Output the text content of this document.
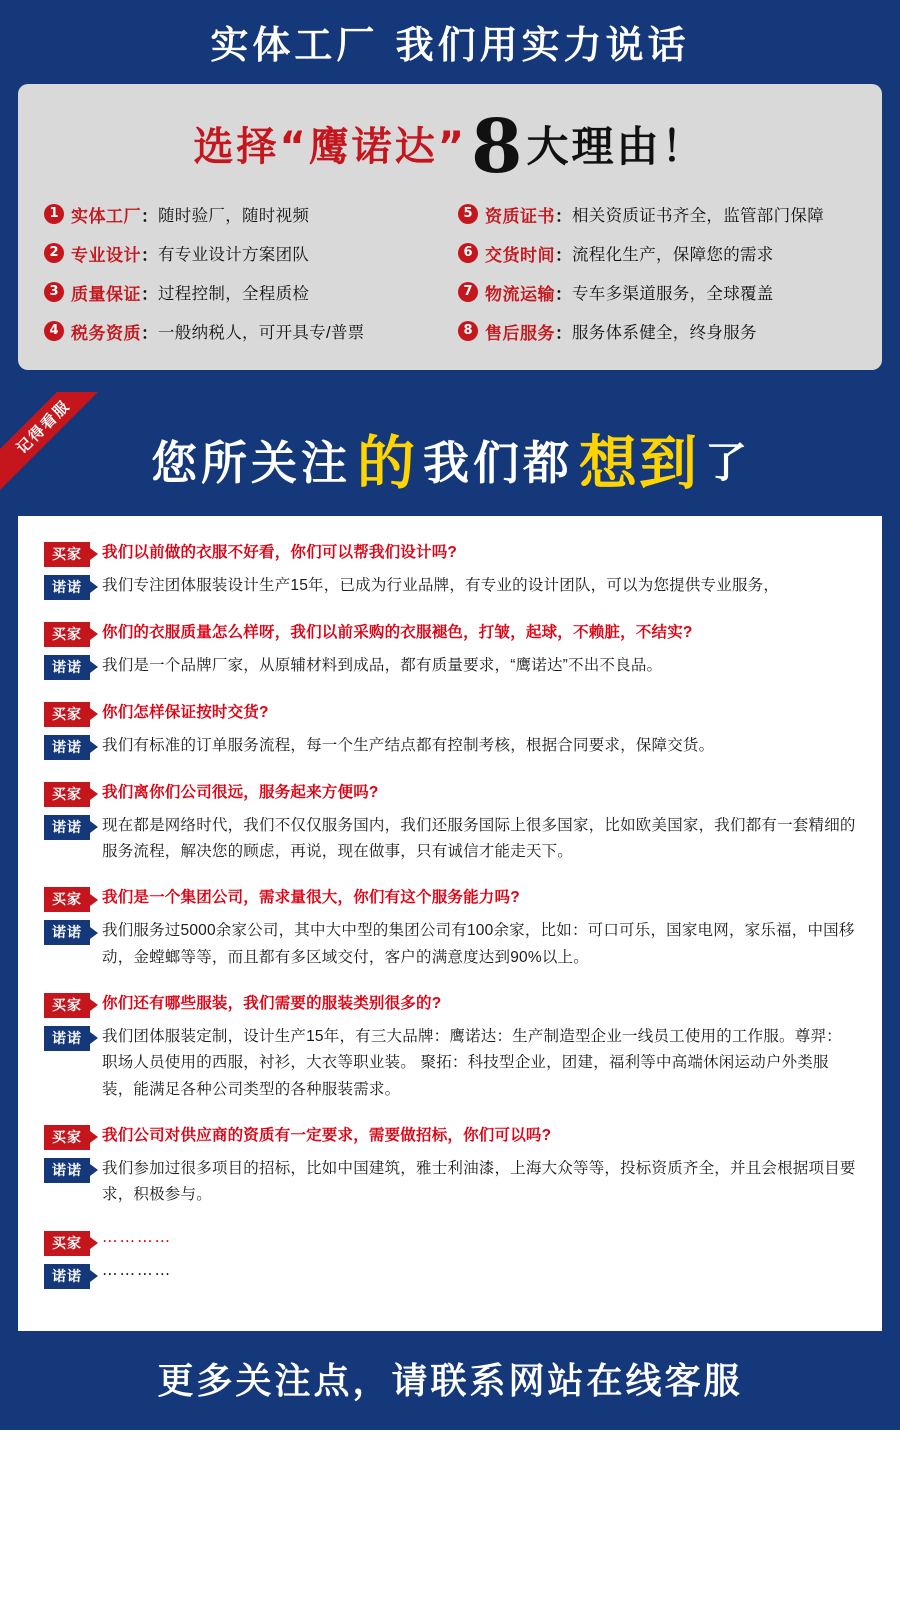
实体工厂 我们用实力说话
选择“鹰诺达”8大理由！
1 实体工厂 ： 随时验厂，随时视频	5 资质证书 ： 相关资质证书齐全，监管部门保障
2 专业设计 ： 有专业设计方案团队	6 交货时间 ： 流程化生产，保障您的需求
3 质量保证 ： 过程控制，全程质检	7 物流运输 ： 专车多渠道服务，全球覆盖
4 税务资质 ： 一般纳税人，可开具专/普票	8 售后服务 ： 服务体系健全，终身服务
记得看服
您所关注 的 我们都 想到 了
买家	我们以前做的衣服不好看，你们可以帮我们设计吗?
诺诺	我们专注团体服装设计生产15年，已成为行业品牌，有专业的设计团队，可以为您提供专业服务，
买家	你们的衣服质量怎么样呀，我们以前采购的衣服褪色，打皱，起球，不赖脏，不结实?
诺诺	我们是一个品牌厂家，从原辅材料到成品，都有质量要求，“鹰诺达”不出不良品。
买家	你们怎样保证按时交货?
诺诺	我们有标准的订单服务流程，每一个生产结点都有控制考核，根据合同要求，保障交货。
买家	我们离你们公司很远，服务起来方便吗?
诺诺	现在都是网络时代，我们不仅仅服务国内，我们还服务国际上很多国家，比如欧美国家，我们都有一套精细的服务流程，解决您的顾虑，再说，现在做事，只有诚信才能走天下。
买家	我们是一个集团公司，需求量很大，你们有这个服务能力吗?
诺诺	我们服务过5000余家公司，其中大中型的集团公司有100余家，比如：可口可乐，国家电网，家乐福，中国移动，金螳螂等等，而且都有多区域交付，客户的满意度达到90%以上。
买家	你们还有哪些服装，我们需要的服装类别很多的?
诺诺	我们团体服装定制，设计生产15年，有三大品牌：鹰诺达：生产制造型企业一线员工使用的工作服。尊羿：职场人员使用的西服，衬衫，大衣等职业装。 聚拓：科技型企业，团建，福利等中高端休闲运动户外类服装，能满足各种公司类型的各种服装需求。
买家	我们公司对供应商的资质有一定要求，需要做招标，你们可以吗?
诺诺	我们参加过很多项目的招标，比如中国建筑，雅士利油漆，上海大众等等，投标资质齐全，并且会根据项目要求，积极参与。
买家	⋯⋯⋯⋯
诺诺	⋯⋯⋯⋯
更多关注点，请联系网站在线客服
